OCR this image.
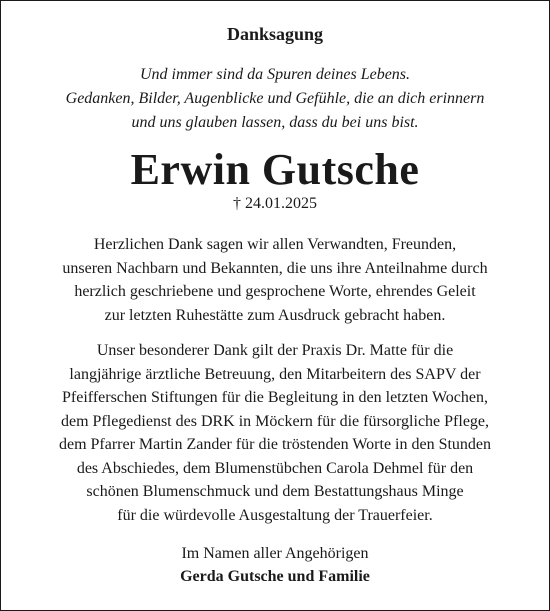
Danksagung
Und immer sind da Spuren deines Lebens.
Gedanken, Bilder, Augenblicke und Gefühle, die an dich erinnern
und uns glauben lassen, dass du bei uns bist.
Erwin Gutsche
† 24.01.2025
Herzlichen Dank sagen wir allen Verwandten, Freunden,
unseren Nachbarn und Bekannten, die uns ihre Anteilnahme durch
herzlich geschriebene und gesprochene Worte, ehrendes Geleit
zur letzten Ruhestätte zum Ausdruck gebracht haben.
Unser besonderer Dank gilt der Praxis Dr. Matte für die
langjährige ärztliche Betreuung, den Mitarbeitern des SAPV der
Pfeifferschen Stiftungen für die Begleitung in den letzten Wochen,
dem Pflegedienst des DRK in Möckern für die fürsorgliche Pflege,
dem Pfarrer Martin Zander für die tröstenden Worte in den Stunden
des Abschiedes, dem Blumenstübchen Carola Dehmel für den
schönen Blumenschmuck und dem Bestattungshaus Minge
für die würdevolle Ausgestaltung der Trauerfeier.
Im Namen aller Angehörigen
Gerda Gutsche und Familie
